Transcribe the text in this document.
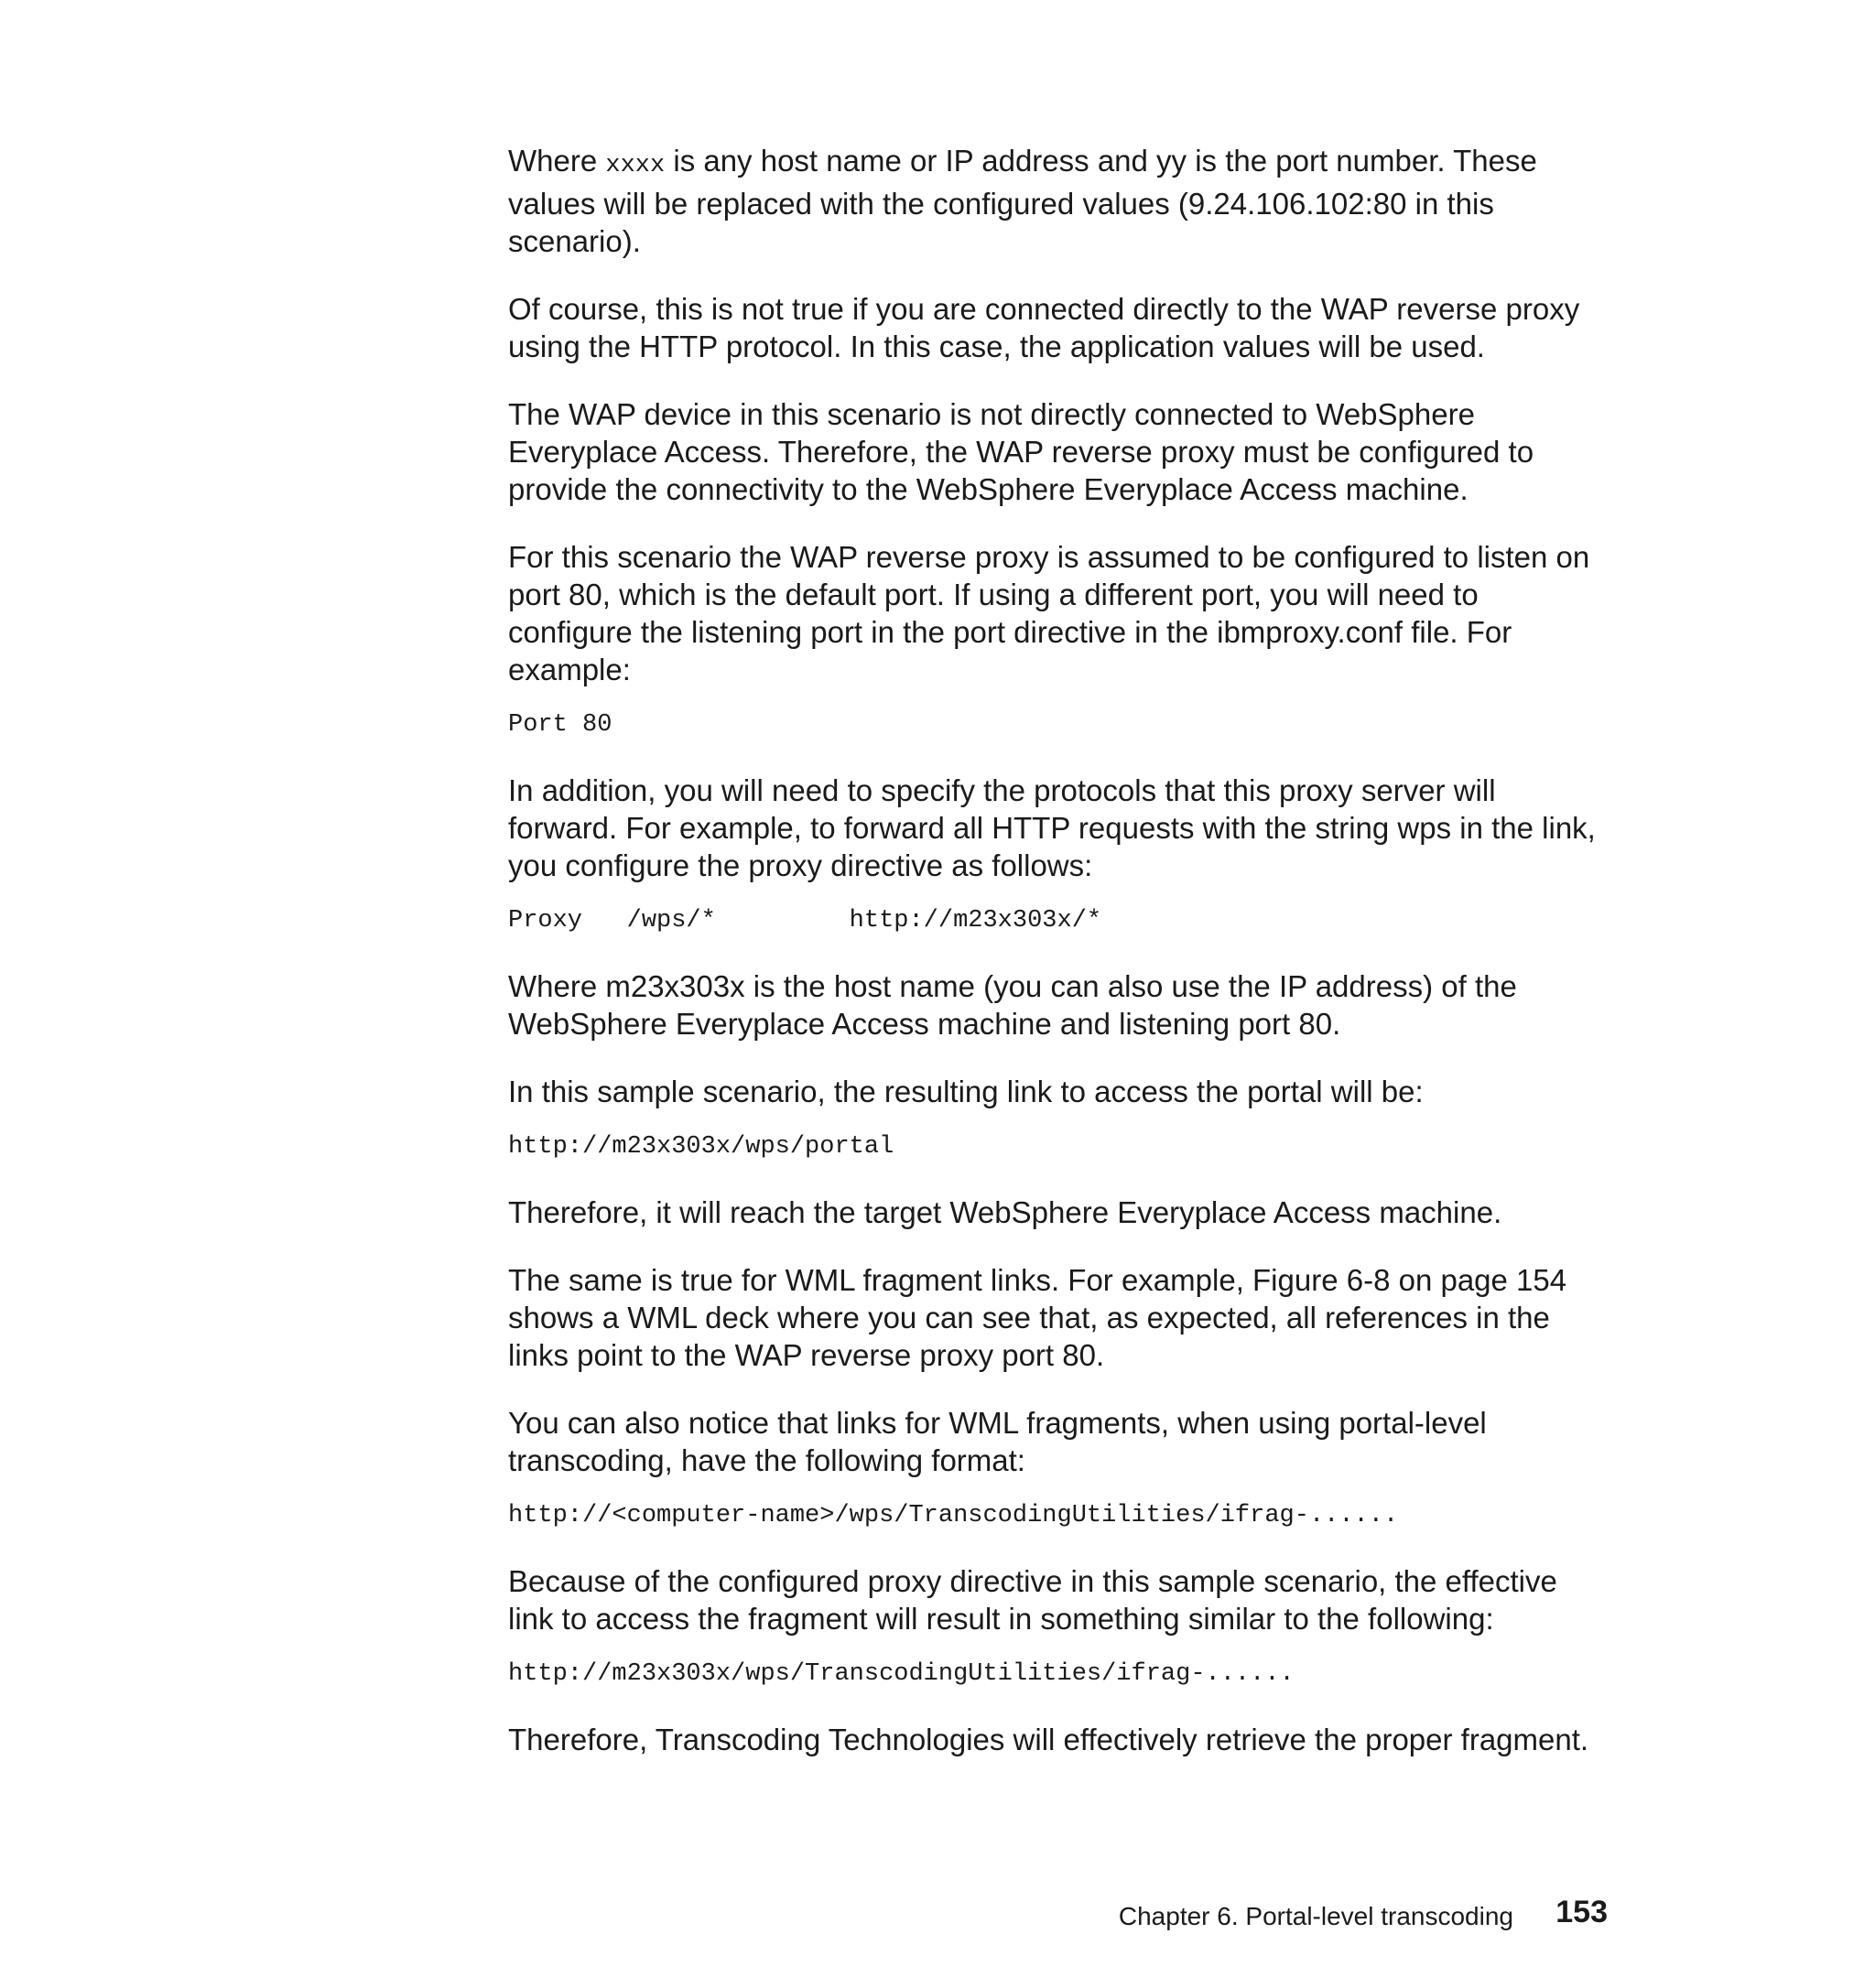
Where xxxx is any host name or IP address and yy is the port number. These values will be replaced with the configured values (9.24.106.102:80 in this scenario).

Of course, this is not true if you are connected directly to the WAP reverse proxy using the HTTP protocol. In this case, the application values will be used.

The WAP device in this scenario is not directly connected to WebSphere Everyplace Access. Therefore, the WAP reverse proxy must be configured to provide the connectivity to the WebSphere Everyplace Access machine.

For this scenario the WAP reverse proxy is assumed to be configured to listen on port 80, which is the default port. If using a different port, you will need to configure the listening port in the port directive in the ibmproxy.conf file. For example:

Port 80

In addition, you will need to specify the protocols that this proxy server will forward. For example, to forward all HTTP requests with the string wps in the link, you configure the proxy directive as follows:

Proxy   /wps/*         http://m23x303x/*

Where m23x303x is the host name (you can also use the IP address) of the WebSphere Everyplace Access machine and listening port 80.

In this sample scenario, the resulting link to access the portal will be:

http://m23x303x/wps/portal

Therefore, it will reach the target WebSphere Everyplace Access machine.

The same is true for WML fragment links. For example, Figure 6-8 on page 154 shows a WML deck where you can see that, as expected, all references in the links point to the WAP reverse proxy port 80.

You can also notice that links for WML fragments, when using portal-level transcoding, have the following format:

http://<computer-name>/wps/TranscodingUtilities/ifrag-......

Because of the configured proxy directive in this sample scenario, the effective link to access the fragment will result in something similar to the following:

http://m23x303x/wps/TranscodingUtilities/ifrag-......

Therefore, Transcoding Technologies will effectively retrieve the proper fragment.

Chapter 6. Portal-level transcoding 153
